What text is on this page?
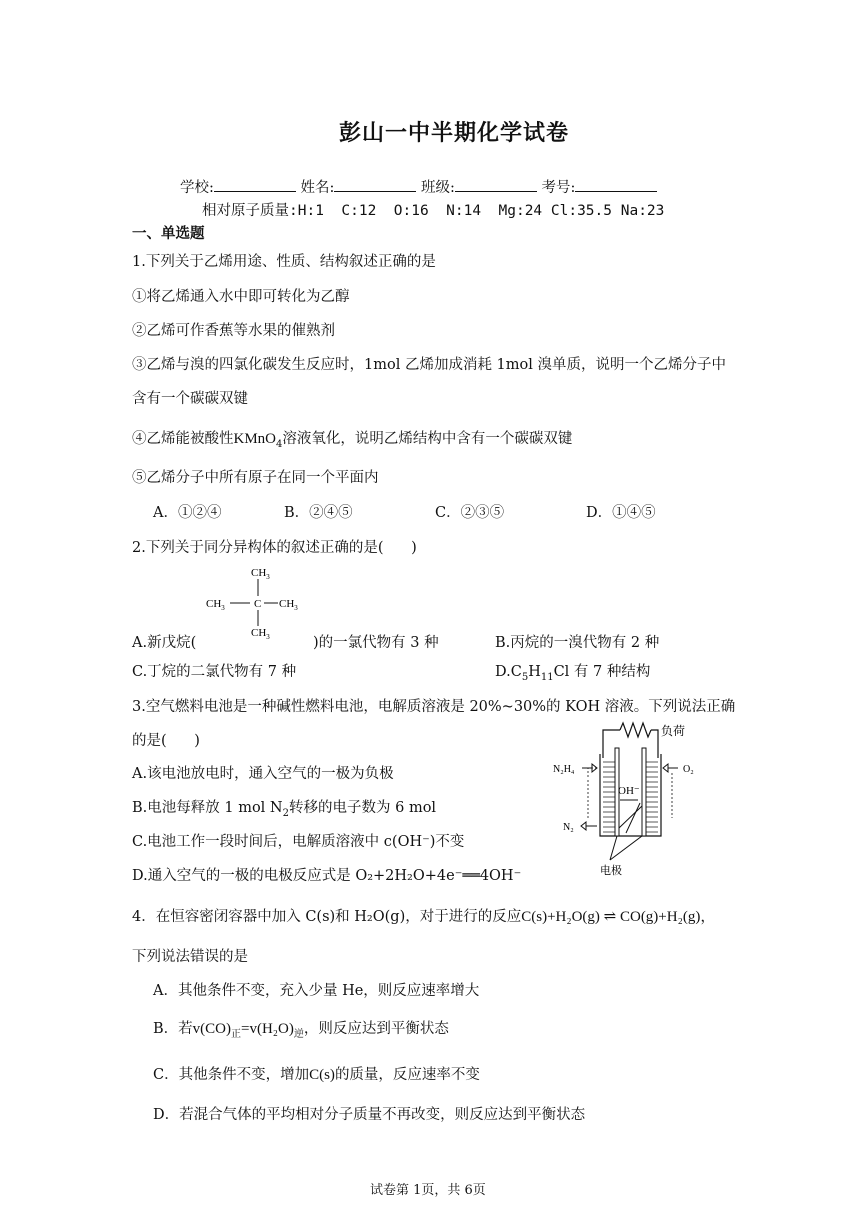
彭山一中半期化学试卷
学校:	姓名:	班级:	考号:
相对原子质量:H:1  C:12  O:16  N:14  Mg:24 Cl:35.5 Na:23
一、单选题
1.下列关于乙烯用途、性质、结构叙述正确的是
①将乙烯通入水中即可转化为乙醇
②乙烯可作香蕉等水果的催熟剂
③乙烯与溴的四氯化碳发生反应时，1mol 乙烯加成消耗 1mol 溴单质，说明一个乙烯分子中
含有一个碳碳双键
④乙烯能被酸性KMnO$_4$溶液氧化，说明乙烯结构中含有一个碳碳双键
⑤乙烯分子中所有原子在同一个平面内
A．①②④	B．②④⑤	C．②③⑤	D．①④⑤
2.下列关于同分异构体的叙述正确的是(      )
$CH_3$
$CH_3$	C $CH_3$
$CH_3$
A.新戊烷(	)的一氯代物有 3 种	B.丙烷的一溴代物有 2 种
C.丁烷的二氯代物有 7 种	$D.C_5H_{11}Cl$ 有 7 种结构
3.空气燃料电池是一种碱性燃料电池，电解质溶液是 20%~30%的 KOH 溶液。下列说法正确
的是(      )
A.该电池放电时，通入空气的一极为负极
B.电池每释放 1 mol $N_2$转移的电子数为 6 mol
C.电池工作一段时间后，电解质溶液中 c(OH⁻)不变
D.通入空气的一极的电极反应式是 O₂+2H₂O+4e⁻══4OH⁻
负荷
OH⁻
N₂H₄
N₂
O₂
电极
4．在恒容密闭容器中加入 C(s)和 H₂O(g)，对于进行的反应C(s)+H₂O(g) ⇌ CO(g)+H₂(g)，
下列说法错误的是
A．其他条件不变，充入少量 He，则反应速率增大
B．若$v(CO)_正=v(H_2O)_逆$，则反应达到平衡状态
C．其他条件不变，增加C(s)的质量，反应速率不变
D．若混合气体的平均相对分子质量不再改变，则反应达到平衡状态
试卷第 1页，共 6页
